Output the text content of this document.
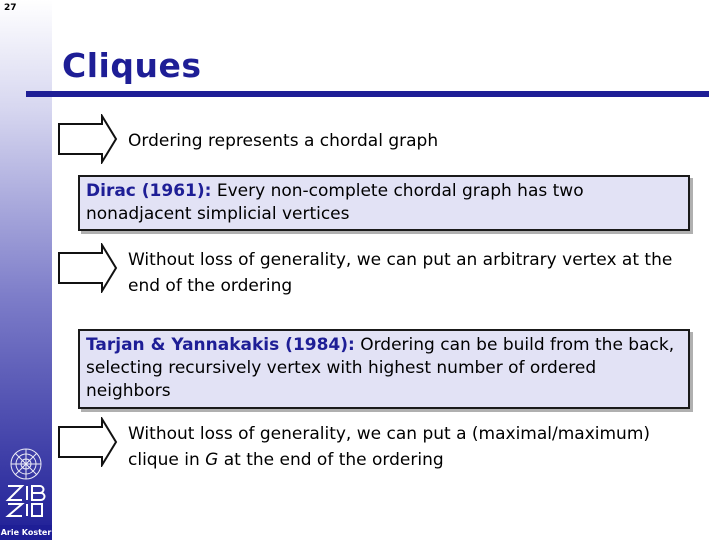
27
Arie Koster
Cliques
Ordering represents a chordal graph
Dirac (1961): Every non-complete chordal graph has two nonadjacent simplicial vertices
Without loss of generality, we can put an arbitrary vertex at the end of the ordering
Tarjan & Yannakakis (1984): Ordering can be build from the back, selecting recursively vertex with highest number of ordered neighbors
Without loss of generality, we can put a (maximal/maximum) clique in G at the end of the ordering
